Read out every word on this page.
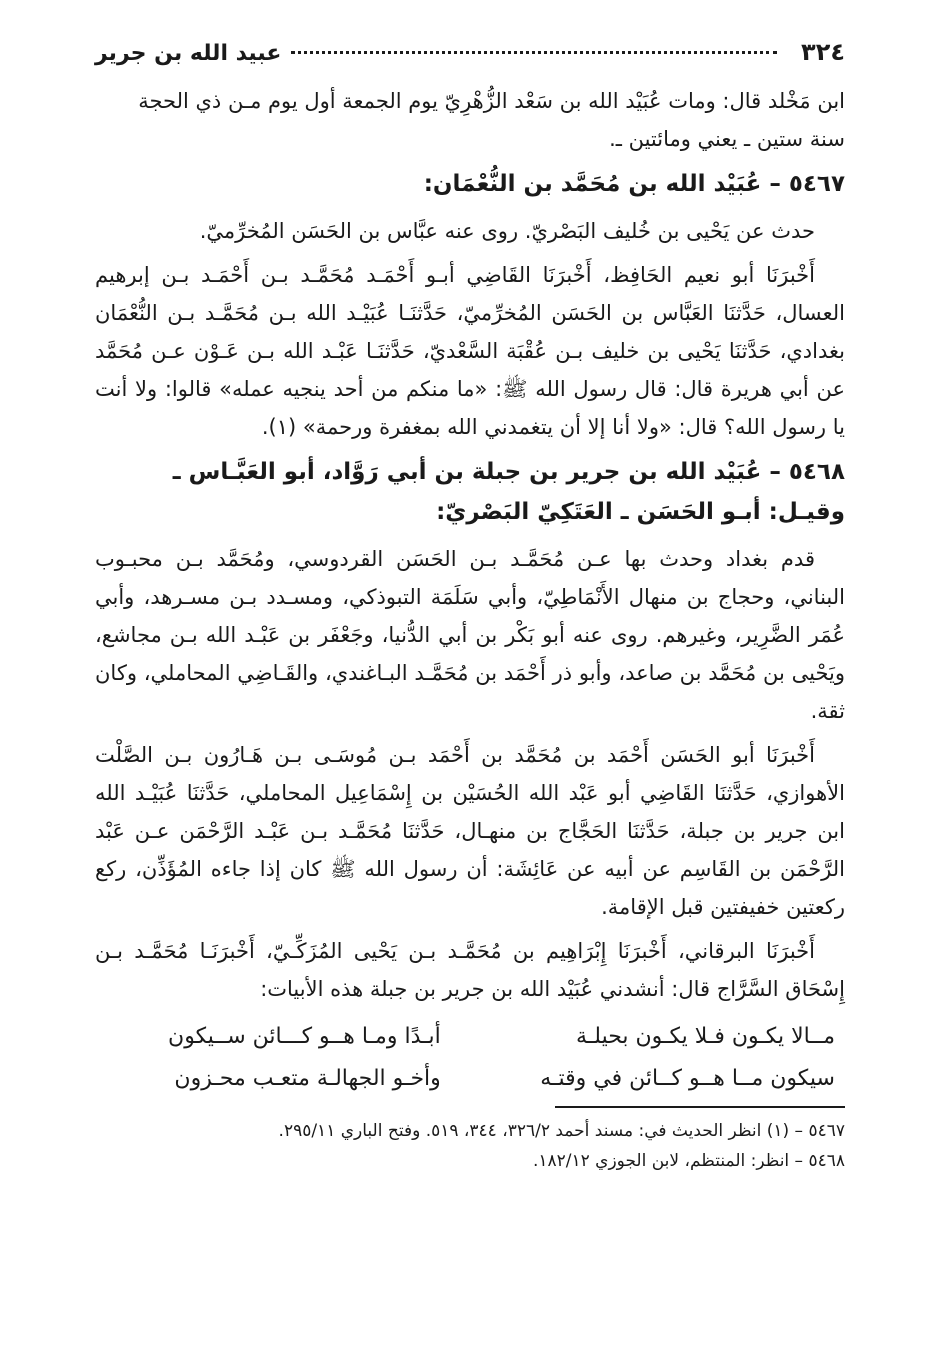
٣٢٤
عبيد الله بن جرير

ابن مَخْلد قال: ومات عُبَيْد الله بن سَعْد الزُّهْرِيّ يوم الجمعة أول يوم مـن ذي الحجة

سنة ستين ـ يعني ومائتين ـ.

٥٤٦٧ – عُبَيْد الله بن مُحَمَّد بن النُّعْمَان:

حدث عن يَحْيى بن خُليف البَصْريّ. روى عنه عبَّاس بن الحَسَن المُخرِّميّ.

أَخْبرَنَا أبو نعيم الحَافِظ، أَخْبرَنَا القَاضِي أبـو أَحْمَـد مُحَمَّـد بـن أَحْمَـد بـن إبرهيم العسال، حَدَّثنَا العَبَّاس بن الحَسَن المُخرِّميّ، حَدَّثنَـا عُبَيْـد الله بـن مُحَمَّـد بـن النُّعْمَان بغدادي، حَدَّثنَا يَحْيى بن خليف بـن عُقْبَة السَّعْديّ، حَدَّثنَـا عَبْـد الله بـن عَـوْن عـن مُحَمَّد عن أبي هريرة قال: قال رسول الله ﷺ: «ما منكم من أحد ينجيه عمله» قالوا: ولا أنت يا رسول الله؟ قال: «ولا أنا إلا أن يتغمدني الله بمغفرة ورحمة» (١).

٥٤٦٨ – عُبَيْد الله بن جرير بن جبلة بن أبي رَوَّاد، أبو العَبَّـاس ـ وقيـل: أبـو الحَسَن ـ العَتَكِيّ البَصْريّ:

قدم بغداد وحدث بها عـن مُحَمَّـد بـن الحَسَن القردوسي، ومُحَمَّد بـن محبـوب البناني، وحجاج بن منهال الأَنْمَاطِيّ، وأبي سَلَمَة التبوذكي، ومسـدد بـن مسـرهد، وأبي عُمَر الضَّرِير، وغيرهم. روى عنه أبو بَكْر بن أبي الدُّنيا، وجَعْفَر بن عَبْـد الله بـن مجاشع، ويَحْيى بن مُحَمَّد بن صاعد، وأبو ذر أَحْمَد بن مُحَمَّـد البـاغندي، والقَـاضِي المحاملي، وكان ثقة.

أَخْبرَنَا أبو الحَسَن أَحْمَد بن مُحَمَّد بن أَحْمَد بـن مُوسَـى بـن هَـارُون بـن الصَّلْت الأهوازي، حَدَّثنَا القَاضِي أبو عَبْد الله الحُسَيْن بن إِسْمَاعِيل المحاملي، حَدَّثنَا عُبَيْـد الله ابن جرير بن جبلة، حَدَّثنَا الحَجَّاج بن منهـال، حَدَّثنَا مُحَمَّـد بـن عَبْـد الرَّحْمَن عـن عَبْد الرَّحْمَن بن القَاسِم عن أبيه عن عَائِشَة: أن رسول الله ﷺ كان إذا جاءه المُؤَذِّن، ركع ركعتين خفيفتين قبل الإقامة.

أَخْبرَنَا البرقاني، أَخْبرَنَا إِبْرَاهِيم بن مُحَمَّـد بـن يَحْيى المُزَكِّـيّ، أَخْبرَنَـا مُحَمَّـد بـن إِسْحَاق السَّرَّاج قال: أنشدني عُبَيْد الله بن جرير بن جبلة هذه الأبيات:

مــالا يكـون فـلا يكـون بحيلـة
أبـدًا ومـا هــو كـــائن ســيكون
سيكون مــا هــو كــائن في وقتـه
وأخـو الجهالـة متعـب محـزون
٥٤٦٧ – (١) انظر الحديث في: مسند أحمد ٣٢٦/٢، ٣٤٤، ٥١٩. وفتح الباري ٢٩٥/١١.
٥٤٦٨ – انظر: المنتظم، لابن الجوزي ١٨٢/١٢.
